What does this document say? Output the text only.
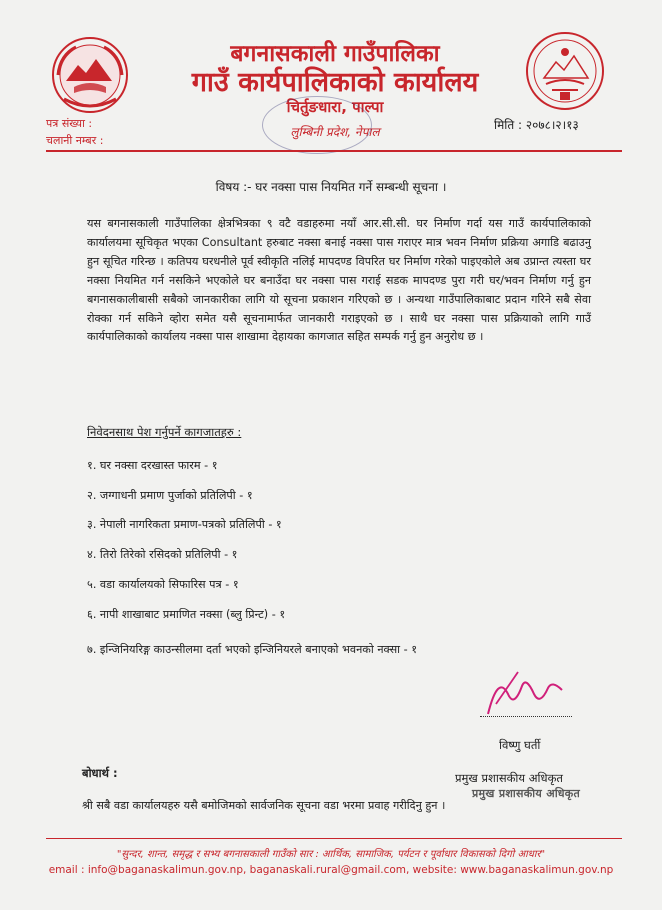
बगनासकाली गाउँपालिका
गाउँ कार्यपालिकाको कार्यालय
चिर्तुङधारा, पाल्पा
लुम्बिनी प्रदेश, नेपाल
पत्र संख्या :
चलानी नम्बर :
मिति : २०७८।२।१३
विषय :- घर नक्सा पास नियमित गर्ने सम्बन्धी सूचना ।
यस बगनासकाली गाउँपालिका क्षेत्रभित्रका ९ वटै वडाहरुमा नयाँ आर.सी.सी. घर निर्माण गर्दा यस गाउँ कार्यपालिकाको कार्यालयमा सूचिकृत भएका Consultant हरुबाट नक्सा बनाई नक्सा पास गराएर मात्र भवन निर्माण प्रक्रिया अगाडि बढाउनु हुन सूचित गरिन्छ । कतिपय घरधनीले पूर्व स्वीकृति नलिई मापदण्ड विपरित घर निर्माण गरेको पाइएकोले अब उप्रान्त त्यस्ता घर नक्सा नियमित गर्न नसकिने भएकोले घर बनाउँदा घर नक्सा पास गराई सडक मापदण्ड पुरा गरी घर/भवन निर्माण गर्नु हुन बगनासकालीबासी सबैको जानकारीका लागि यो सूचना प्रकाशन गरिएको छ । अन्यथा गाउँपालिकाबाट प्रदान गरिने सबै सेवा रोक्का गर्न सकिने व्होरा समेत यसै सूचनामार्फत जानकारी गराइएको छ । साथै घर नक्सा पास प्रक्रियाको लागि गाउँ कार्यपालिकाको कार्यालय नक्सा पास शाखामा देहायका कागजात सहित सम्पर्क गर्नु हुन अनुरोध छ ।
निवेदनसाथ पेश गर्नुपर्ने कागजातहरु :
१. घर नक्सा दरखास्त फारम - १
२. जग्गाधनी प्रमाण पुर्जाको प्रतिलिपी - १
३. नेपाली नागरिकता प्रमाण-पत्रको प्रतिलिपी - १
४. तिरो तिरेको रसिदको प्रतिलिपी - १
५. वडा कार्यालयको सिफारिस पत्र - १
६. नापी शाखाबाट प्रमाणित नक्सा (ब्लु प्रिन्ट) - १
७. इन्जिनियरिङ्ग काउन्सीलमा दर्ता भएको इन्जिनियरले बनाएको भवनको नक्सा - १
विष्णु घर्ती
प्रमुख प्रशासकीय अधिकृत
प्रमुख प्रशासकीय अधिकृत
बोधार्थ :
श्री सबै वडा कार्यालयहरु यसै बमोजिमको सार्वजनिक सूचना वडा भरमा प्रवाह गरीदिनु हुन ।
"सुन्दर, शान्त, समृद्ध र सभ्य बगनासकाली गाउँको सार : आर्थिक, सामाजिक, पर्यटन र पूर्वाधार विकासको दिगो आधार"
email : info@baganaskalimun.gov.np, baganaskali.rural@gmail.com, website: www.baganaskalimun.gov.np
